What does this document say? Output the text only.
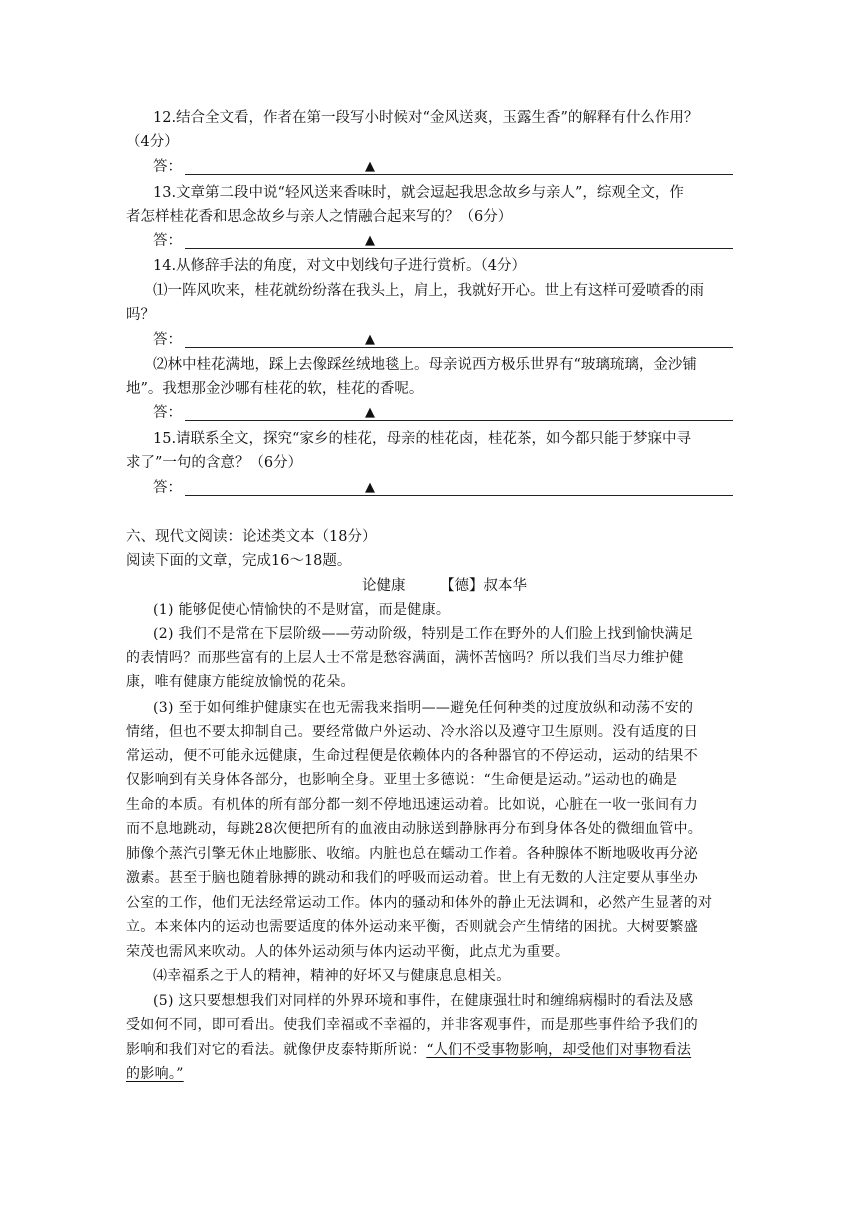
12.结合全文看，作者在第一段写小时候对“金风送爽，玉露生香”的解释有什么作用？

（4分）

答：	▲

13.文章第二段中说“轻风送来香味时，就会逗起我思念故乡与亲人”，综观全文，作

者怎样桂花香和思念故乡与亲人之情融合起来写的？（6分）

答：	▲

14.从修辞手法的角度，对文中划线句子进行赏析。（4分）

⑴一阵风吹来，桂花就纷纷落在我头上，肩上，我就好开心。世上有这样可爱喷香的雨

吗？

答：	▲

⑵林中桂花满地，踩上去像踩丝绒地毯上。母亲说西方极乐世界有“玻璃琉璃，金沙铺

地”。我想那金沙哪有桂花的软，桂花的香呢。

答：	▲

15.请联系全文，探究“家乡的桂花，母亲的桂花卤，桂花茶，如今都只能于梦寐中寻

求了”一句的含意？（6分）

答：	▲

六、现代文阅读：论述类文本（18分）

阅读下面的文章，完成16～18题。

论健康 【德】叔本华

(1) 能够促使心情愉快的不是财富，而是健康。

(2) 我们不是常在下层阶级——劳动阶级，特别是工作在野外的人们脸上找到愉快满足

的表情吗？而那些富有的上层人士不常是愁容满面，满怀苦恼吗？所以我们当尽力维护健

康，唯有健康方能绽放愉悦的花朵。

(3) 至于如何维护健康实在也无需我来指明——避免任何种类的过度放纵和动荡不安的

情绪，但也不要太抑制自己。要经常做户外运动、冷水浴以及遵守卫生原则。没有适度的日

常运动，便不可能永远健康，生命过程便是依赖体内的各种器官的不停运动，运动的结果不

仅影响到有关身体各部分，也影响全身。亚里士多德说：“生命便是运动。”运动也的确是

生命的本质。有机体的所有部分都一刻不停地迅速运动着。比如说，心脏在一收一张间有力

而不息地跳动，每跳28次便把所有的血液由动脉送到静脉再分布到身体各处的微细血管中。

肺像个蒸汽引擎无休止地膨胀、收缩。内脏也总在蠕动工作着。各种腺体不断地吸收再分泌

激素。甚至于脑也随着脉搏的跳动和我们的呼吸而运动着。世上有无数的人注定要从事坐办

公室的工作，他们无法经常运动工作。体内的骚动和体外的静止无法调和，必然产生显著的对

立。本来体内的运动也需要适度的体外运动来平衡，否则就会产生情绪的困扰。大树要繁盛

荣茂也需风来吹动。人的体外运动须与体内运动平衡，此点尤为重要。

⑷幸福系之于人的精神，精神的好坏又与健康息息相关。

(5) 这只要想想我们对同样的外界环境和事件，在健康强壮时和缠绵病榻时的看法及感

受如何不同，即可看出。使我们幸福或不幸福的，并非客观事件，而是那些事件给予我们的

影响和我们对它的看法。就像伊皮泰特斯所说：“人们不受事物影响，却受他们对事物看法

的影响。”
